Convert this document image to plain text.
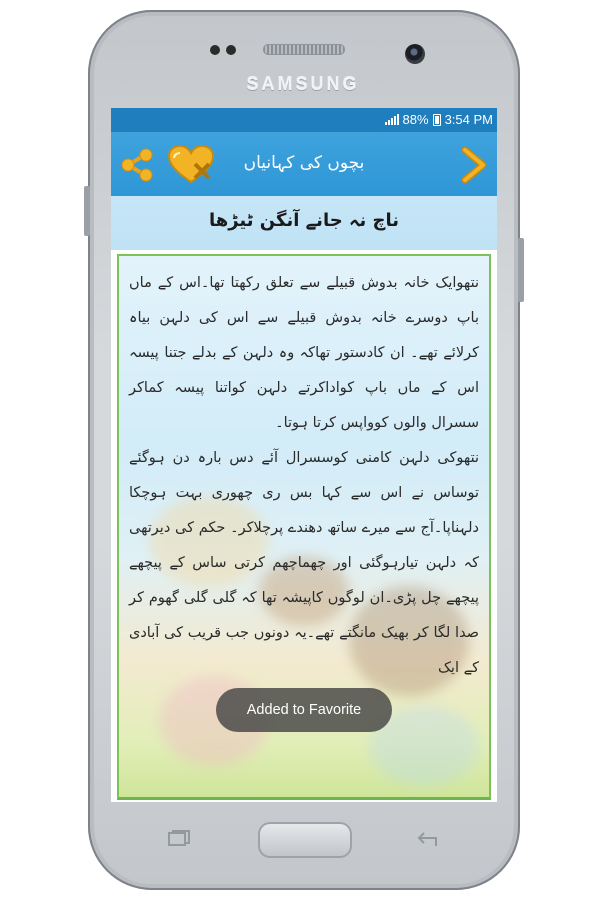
SAMSUNG
88% 3:54 PM
بچوں کی کہانیاں
ناچ نہ جانے آنگن ٹیڑھا

نتھوایک خانہ بدوش قبیلے سے تعلق رکھتا تھا۔اس کے ماں باپ دوسرے خانہ بدوش قبیلے سے اس کی دلہن بیاہ کرلائے تھے۔ ان کادستور تھاکہ وہ دلہن کے بدلے جتنا پیسہ اس کے ماں باپ کواداکرتے دلہن کواتنا پیسہ کماکر سسرال والوں کوواپس کرتا ہوتا۔

نتھوکی دلہن کامنی کوسسرال آئے دس بارہ دن ہوگئے توساس نے اس سے کہا بس ری چھوری بہت ہوچکا دلہناپا۔آج سے میرے ساتھ دھندے پرچلاکر۔ حکم کی دیرتھی کہ دلہن تیارہوگئی اور چھماچھم کرتی ساس کے پیچھے پیچھے چل پڑی۔ان لوگوں کاپیشہ تھا کہ گلی گلی گھوم کر صدا لگا کر بھیک مانگتے تھے۔یہ دونوں جب قریب کی آبادی کے ایک

Added to Favorite
